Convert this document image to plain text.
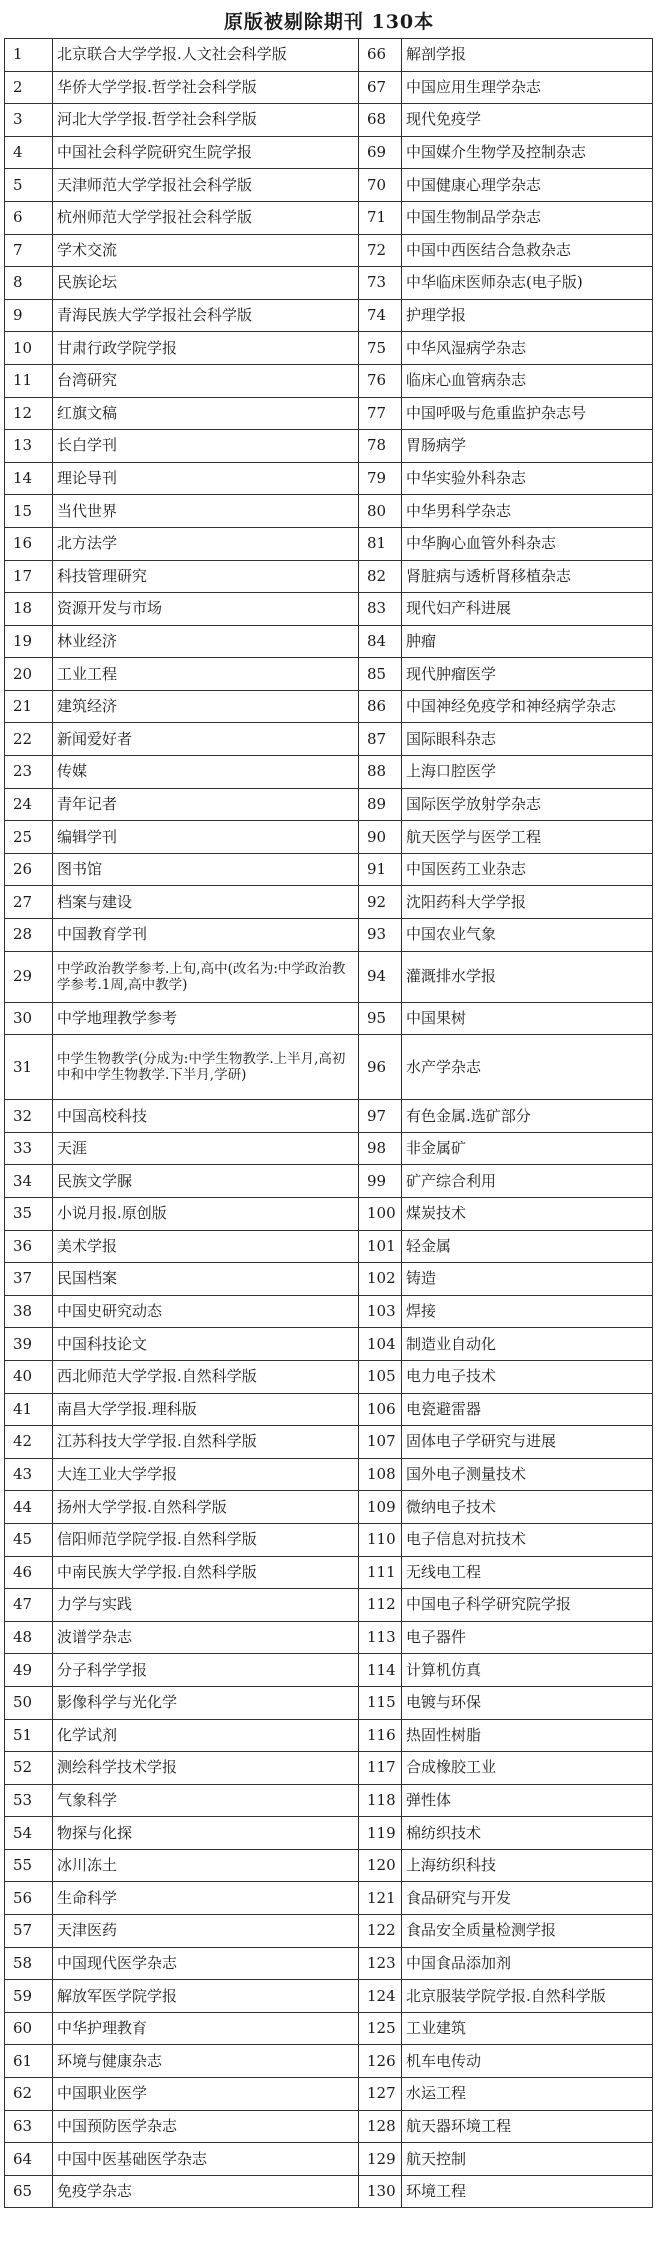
原版被剔除期刊 130本
1	北京联合大学学报.人文社会科学版	66	解剖学报
2	华侨大学学报.哲学社会科学版	67	中国应用生理学杂志
3	河北大学学报.哲学社会科学版	68	现代免疫学
4	中国社会科学院研究生院学报	69	中国媒介生物学及控制杂志
5	天津师范大学学报社会科学版	70	中国健康心理学杂志
6	杭州师范大学学报社会科学版	71	中国生物制品学杂志
7	学术交流	72	中国中西医结合急救杂志
8	民族论坛	73	中华临床医师杂志(电子版)
9	青海民族大学学报社会科学版	74	护理学报
10	甘肃行政学院学报	75	中华风湿病学杂志
11	台湾研究	76	临床心血管病杂志
12	红旗文稿	77	中国呼吸与危重监护杂志号
13	长白学刊	78	胃肠病学
14	理论导刊	79	中华实验外科杂志
15	当代世界	80	中华男科学杂志
16	北方法学	81	中华胸心血管外科杂志
17	科技管理研究	82	肾脏病与透析肾移植杂志
18	资源开发与市场	83	现代妇产科进展
19	林业经济	84	肿瘤
20	工业工程	85	现代肿瘤医学
21	建筑经济	86	中国神经免疫学和神经病学杂志
22	新闻爱好者	87	国际眼科杂志
23	传媒	88	上海口腔医学
24	青年记者	89	国际医学放射学杂志
25	编辑学刊	90	航天医学与医学工程
26	图书馆	91	中国医药工业杂志
27	档案与建设	92	沈阳药科大学学报
28	中国教育学刊	93	中国农业气象
29	中学政治教学参考.上旬,高中(改名为:中学政治教学参考.1周,高中教学)	94	灌溉排水学报
30	中学地理教学参考	95	中国果树
31	中学生物教学(分成为:中学生物教学.上半月,高初中和中学生物教学.下半月,学研)	96	水产学杂志
32	中国高校科技	97	有色金属.选矿部分
33	天涯	98	非金属矿
34	民族文学脲	99	矿产综合利用
35	小说月报.原创版	100	煤炭技术
36	美术学报	101	轻金属
37	民国档案	102	铸造
38	中国史研究动态	103	焊接
39	中国科技论文	104	制造业自动化
40	西北师范大学学报.自然科学版	105	电力电子技术
41	南昌大学学报.理科版	106	电瓷避雷器
42	江苏科技大学学报.自然科学版	107	固体电子学研究与进展
43	大连工业大学学报	108	国外电子测量技术
44	扬州大学学报.自然科学版	109	微纳电子技术
45	信阳师范学院学报.自然科学版	110	电子信息对抗技术
46	中南民族大学学报.自然科学版	111	无线电工程
47	力学与实践	112	中国电子科学研究院学报
48	波谱学杂志	113	电子器件
49	分子科学学报	114	计算机仿真
50	影像科学与光化学	115	电镀与环保
51	化学试剂	116	热固性树脂
52	测绘科学技术学报	117	合成橡胶工业
53	气象科学	118	弹性体
54	物探与化探	119	棉纺织技术
55	冰川冻土	120	上海纺织科技
56	生命科学	121	食品研究与开发
57	天津医药	122	食品安全质量检测学报
58	中国现代医学杂志	123	中国食品添加剂
59	解放军医学院学报	124	北京服装学院学报.自然科学版
60	中华护理教育	125	工业建筑
61	环境与健康杂志	126	机车电传动
62	中国职业医学	127	水运工程
63	中国预防医学杂志	128	航天器环境工程
64	中国中医基础医学杂志	129	航天控制
65	免疫学杂志	130	环境工程
